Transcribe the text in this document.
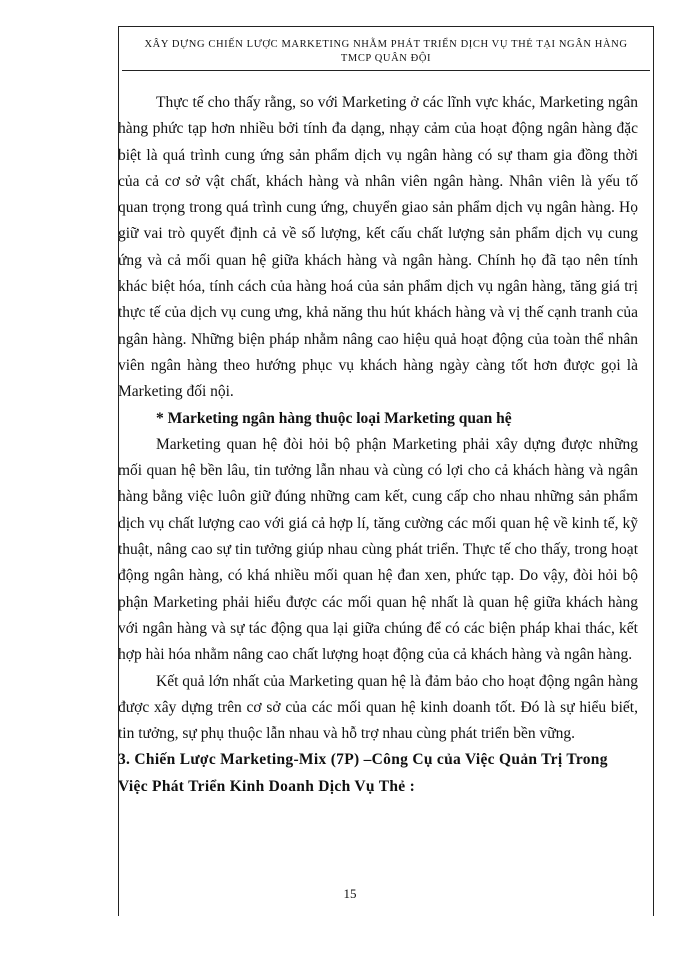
XÂY DỰNG CHIẾN LƯỢC MARKETING NHẰM PHÁT TRIỂN DỊCH VỤ THẺ TẠI NGÂN HÀNG
TMCP QUÂN ĐỘI

Thực tế cho thấy rằng, so với Marketing ở các lĩnh vực khác, Marketing ngân hàng phức tạp hơn nhiều bởi tính đa dạng, nhạy cảm của hoạt động ngân hàng đặc biệt là quá trình cung ứng sản phẩm dịch vụ ngân hàng có sự tham gia đồng thời của cả cơ sở vật chất, khách hàng và nhân viên ngân hàng. Nhân viên là yếu tố quan trọng trong quá trình cung ứng, chuyển giao sản phẩm dịch vụ ngân hàng. Họ giữ vai trò quyết định cả về số lượng, kết cấu chất lượng sản phẩm dịch vụ cung ứng và cả mối quan hệ giữa khách hàng và ngân hàng. Chính họ đã tạo nên tính khác biệt hóa, tính cách của hàng hoá của sản phẩm dịch vụ ngân hàng, tăng giá trị thực tế của dịch vụ cung ưng, khả năng thu hút khách hàng và vị thế cạnh tranh của ngân hàng. Những biện pháp nhằm nâng cao hiệu quả hoạt động của toàn thể nhân viên ngân hàng theo hướng phục vụ khách hàng ngày càng tốt hơn được gọi là Marketing đối nội.

* Marketing ngân hàng thuộc loại Marketing quan hệ

Marketing quan hệ đòi hỏi bộ phận Marketing phải xây dựng được những mối quan hệ bền lâu, tin tưởng lẫn nhau và cùng có lợi cho cả khách hàng và ngân hàng bằng việc luôn giữ đúng những cam kết, cung cấp cho nhau những sản phẩm dịch vụ chất lượng cao với giá cả hợp lí, tăng cường các mối quan hệ về kinh tế, kỹ thuật, nâng cao sự tin tưởng giúp nhau cùng phát triển. Thực tế cho thấy, trong hoạt động ngân hàng, có khá nhiều mối quan hệ đan xen, phức tạp. Do vậy, đòi hỏi bộ phận Marketing phải hiểu được các mối quan hệ nhất là quan hệ giữa khách hàng với ngân hàng và sự tác động qua lại giữa chúng để có các biện pháp khai thác, kết hợp hài hóa nhằm nâng cao chất lượng hoạt động của cả khách hàng và ngân hàng.

Kết quả lớn nhất của Marketing quan hệ là đảm bảo cho hoạt động ngân hàng được xây dựng trên cơ sở của các mối quan hệ kinh doanh tốt. Đó là sự hiểu biết, tin tưởng, sự phụ thuộc lẫn nhau và hỗ trợ nhau cùng phát triển bền vững.

3. Chiến Lược Marketing-Mix (7P) –Công Cụ của Việc Quản Trị Trong Việc Phát Triển Kinh Doanh Dịch Vụ Thẻ :

15
